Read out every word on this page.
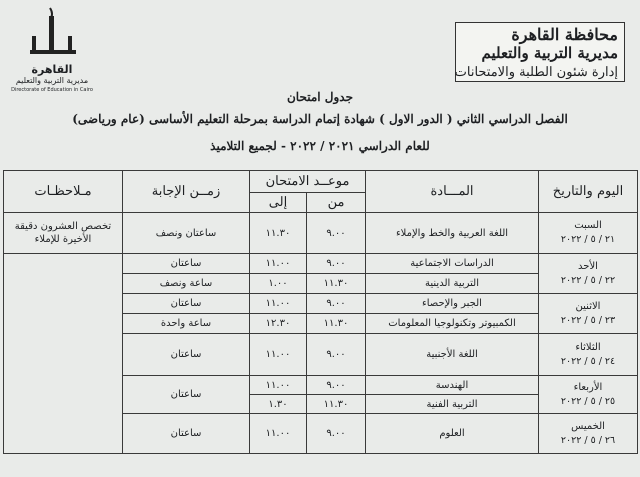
محافظة القاهرة
مديرية التربية والتعليم
إدارة شئون الطلبة والامتحانات
القاهرة
مديرية التربية والتعليم
Directorate of Education in Cairo	جدول امتحان
الفصل الدراسي الثاني ( الدور الاول ) شهادة إتمام الدراسة بمرحلة التعليم الأساسى (عام ورياضى)
للعام الدراسي ٢٠٢١ / ٢٠٢٢ - لجميع التلاميذ
اليوم والتاريخ	المـــادة	موعــد الامتحان		زمــن الإجابة	مـلاحظـات
		من	إلى		

السبت
٢١ / ٥ / ٢٠٢٢	اللغة العربية والخط والإملاء	٩.٠٠	١١.٣٠	ساعتان ونصف	تخصص العشرون دقيقة الأخيرة للإملاء

الأحد
٢٢ / ٥ / ٢٠٢٢	الدراسات الاجتماعية	٩.٠٠	١١.٠٠	ساعتان	
	التربية الدينية	١١.٣٠	١.٠٠	ساعة ونصف	

الاثنين
٢٣ / ٥ / ٢٠٢٢	الجبر والإحصاء	٩.٠٠	١١.٠٠	ساعتان	
	الكمبيوتر وتكنولوجيا المعلومات	١١.٣٠	١٢.٣٠	ساعة واحدة	

الثلاثاء
٢٤ / ٥ / ٢٠٢٢	اللغة الأجنبية	٩.٠٠	١١.٠٠	ساعتان	

الأربعاء
٢٥ / ٥ / ٢٠٢٢	الهندسة	٩.٠٠	١١.٠٠	ساعتان	
	التربية الفنية	١١.٣٠	١.٣٠		

الخميس
٢٦ / ٥ / ٢٠٢٢	العلوم	٩.٠٠	١١.٠٠	ساعتان	
